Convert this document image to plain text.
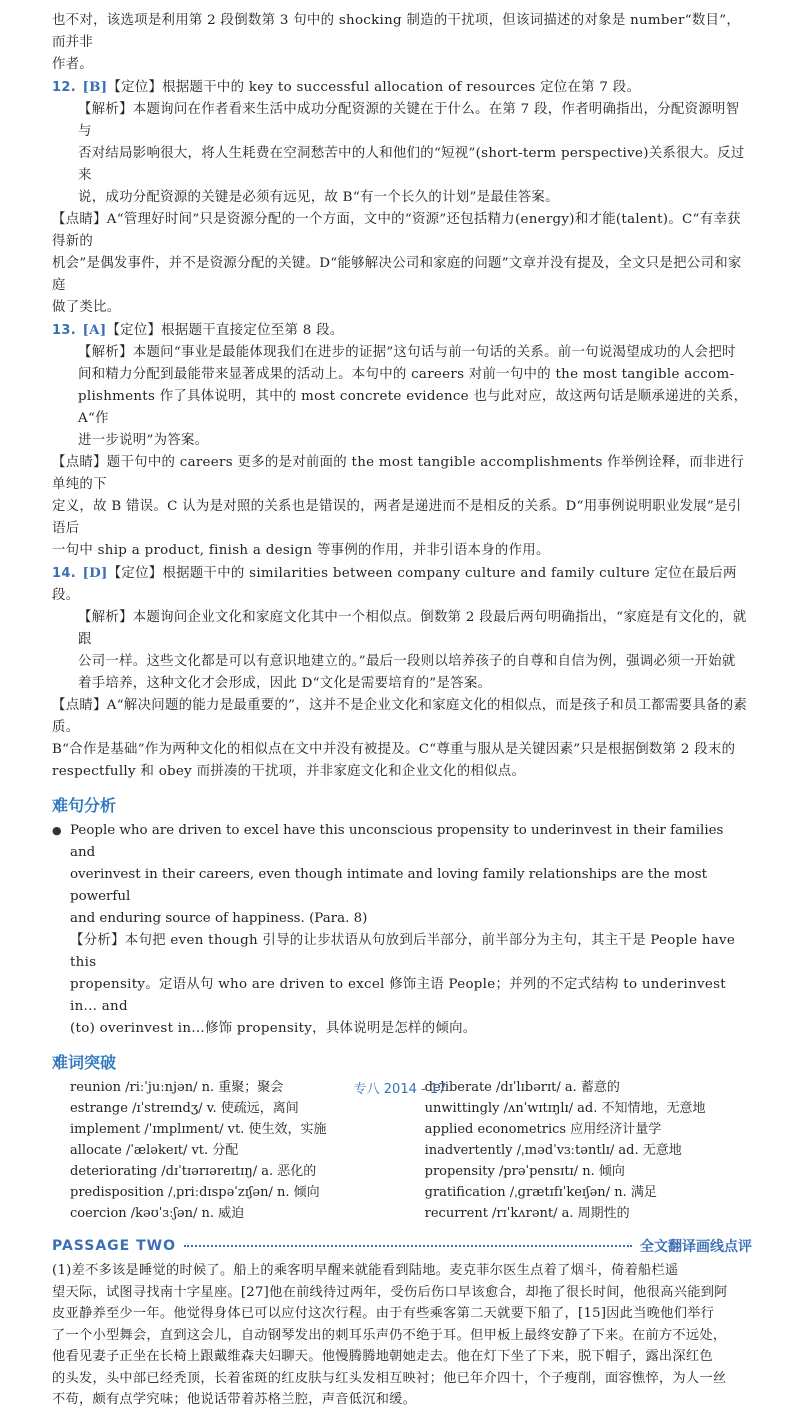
也不对，该选项是利用第 2 段倒数第 3 句中的 shocking 制造的干扰项，但该词描述的对象是 number“数目”，而并非
作者。
12. [B]【定位】根据题干中的 key to successful allocation of resources 定位在第 7 段。
【解析】本题询问在作者看来生活中成功分配资源的关键在于什么。在第 7 段，作者明确指出，分配资源明智与
否对结局影响很大，将人生耗费在空洞愁苦中的人和他们的“短视”(short-term perspective)关系很大。反过来
说，成功分配资源的关键是必须有远见，故 B“有一个长久的计划”是最佳答案。
【点睛】A“管理好时间”只是资源分配的一个方面，文中的“资源”还包括精力(energy)和才能(talent)。C“有幸获得新的
机会”是偶发事件，并不是资源分配的关键。D“能够解决公司和家庭的问题”文章并没有提及，全文只是把公司和家庭
做了类比。
13. [A]【定位】根据题干直接定位至第 8 段。
【解析】本题问“事业是最能体现我们在进步的证据”这句话与前一句话的关系。前一句说渴望成功的人会把时
间和精力分配到最能带来显著成果的活动上。本句中的 careers 对前一句中的 the most tangible accom-
plishments 作了具体说明，其中的 most concrete evidence 也与此对应，故这两句话是顺承递进的关系，A“作
进一步说明”为答案。
【点睛】题干句中的 careers 更多的是对前面的 the most tangible accomplishments 作举例诠释，而非进行单纯的下
定义，故 B 错误。C 认为是对照的关系也是错误的，两者是递进而不是相反的关系。D“用事例说明职业发展”是引语后
一句中 ship a product, finish a design 等事例的作用，并非引语本身的作用。
14. [D]【定位】根据题干中的 similarities between company culture and family culture 定位在最后两段。
【解析】本题询问企业文化和家庭文化其中一个相似点。倒数第 2 段最后两句明确指出，“家庭是有文化的，就跟
公司一样。这些文化都是可以有意识地建立的。”最后一段则以培养孩子的自尊和自信为例，强调必须一开始就
着手培养，这种文化才会形成，因此 D“文化是需要培育的”是答案。
【点睛】A“解决问题的能力是最重要的”，这并不是企业文化和家庭文化的相似点，而是孩子和员工都需要具备的素质。
B“合作是基础”作为两种文化的相似点在文中并没有被提及。C“尊重与服从是关键因素”只是根据倒数第 2 段末的
respectfully 和 obey 而拼凑的干扰项，并非家庭文化和企业文化的相似点。
难句分析
● People who are driven to excel have this unconscious propensity to underinvest in their families and
overinvest in their careers, even though intimate and loving family relationships are the most powerful
and enduring source of happiness. (Para. 8)
【分析】本句把 even though 引导的让步状语从句放到后半部分，前半部分为主句，其主干是 People have this
propensity。定语从句 who are driven to excel 修饰主语 People；并列的不定式结构 to underinvest in... and
(to) overinvest in...修饰 propensity，具体说明是怎样的倾向。
难词突破
reunion /riːˈjuːnjən/ n. 重聚；聚会
estrange /ɪˈstreɪndʒ/ v. 使疏远，离间
implement /ˈɪmplɪment/ vt. 使生效，实施
allocate /ˈæləkeɪt/ vt. 分配
deteriorating /dɪˈtɪərɪəreɪtɪŋ/ a. 恶化的
predisposition /ˌpriːdɪspəˈzɪʃən/ n. 倾向
coercion /kəʊˈɜːʃən/ n. 威迫
deliberate /dɪˈlɪbərɪt/ a. 蓄意的
unwittingly /ʌnˈwɪtɪŋlɪ/ ad. 不知情地，无意地
applied econometrics 应用经济计量学
inadvertently /ˌɪnədˈvɜːtəntlɪ/ ad. 无意地
propensity /prəˈpensɪtɪ/ n. 倾向
gratification /ˌɡrætɪfɪˈkeɪʃən/ n. 满足
recurrent /rɪˈkʌrənt/ a. 周期性的
PASSAGE TWO	全文翻译画线点评
(1)差不多该是睡觉的时候了。船上的乘客明早醒来就能看到陆地。麦克菲尔医生点着了烟斗，倚着船栏遥
望天际，试图寻找南十字星座。[27]他在前线待过两年，受伤后伤口早该愈合，却拖了很长时间，他很高兴能到阿
皮亚静养至少一年。他觉得身体已可以应付这次行程。由于有些乘客第二天就要下船了，[15]因此当晚他们举行
了一个小型舞会，直到这会儿，自动钢琴发出的刺耳乐声仍不绝于耳。但甲板上最终安静了下来。在前方不远处，
他看见妻子正坐在长椅上跟戴维森夫妇聊天。他慢腾腾地朝她走去。他在灯下坐了下来，脱下帽子，露出深红色
的头发，头中部已经秃顶，长着雀斑的红皮肤与红头发相互映衬；他已年介四十，个子瘦削，面容憔悴，为人一丝
不苟，颇有点学究味；他说话带着苏格兰腔，声音低沉和缓。
专八 2014 - 17
